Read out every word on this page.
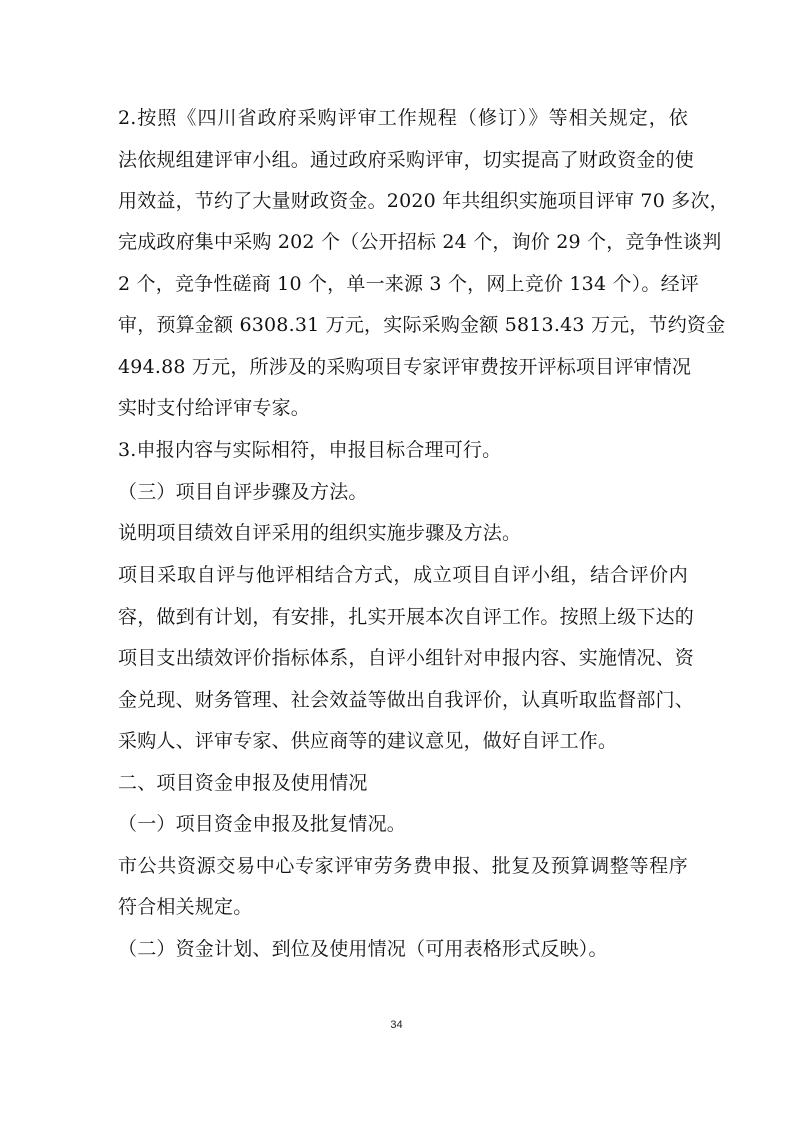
2.按照《四川省政府采购评审工作规程（修订）》等相关规定，依
法依规组建评审小组。通过政府采购评审，切实提高了财政资金的使
用效益，节约了大量财政资金。2020 年共组织实施项目评审 70 多次，
完成政府集中采购 202 个（公开招标 24 个，询价 29 个，竞争性谈判
2 个，竞争性磋商 10 个，单一来源 3 个，网上竞价 134 个）。经评
审，预算金额 6308.31 万元，实际采购金额 5813.43 万元，节约资金
494.88 万元，所涉及的采购项目专家评审费按开评标项目评审情况
实时支付给评审专家。
3.申报内容与实际相符，申报目标合理可行。
（三）项目自评步骤及方法。
说明项目绩效自评采用的组织实施步骤及方法。
项目采取自评与他评相结合方式，成立项目自评小组，结合评价内
容，做到有计划，有安排，扎实开展本次自评工作。按照上级下达的
项目支出绩效评价指标体系，自评小组针对申报内容、实施情况、资
金兑现、财务管理、社会效益等做出自我评价，认真听取监督部门、
采购人、评审专家、供应商等的建议意见，做好自评工作。
二、项目资金申报及使用情况
（一）项目资金申报及批复情况。
市公共资源交易中心专家评审劳务费申报、批复及预算调整等程序
符合相关规定。
（二）资金计划、到位及使用情况（可用表格形式反映）。
34
